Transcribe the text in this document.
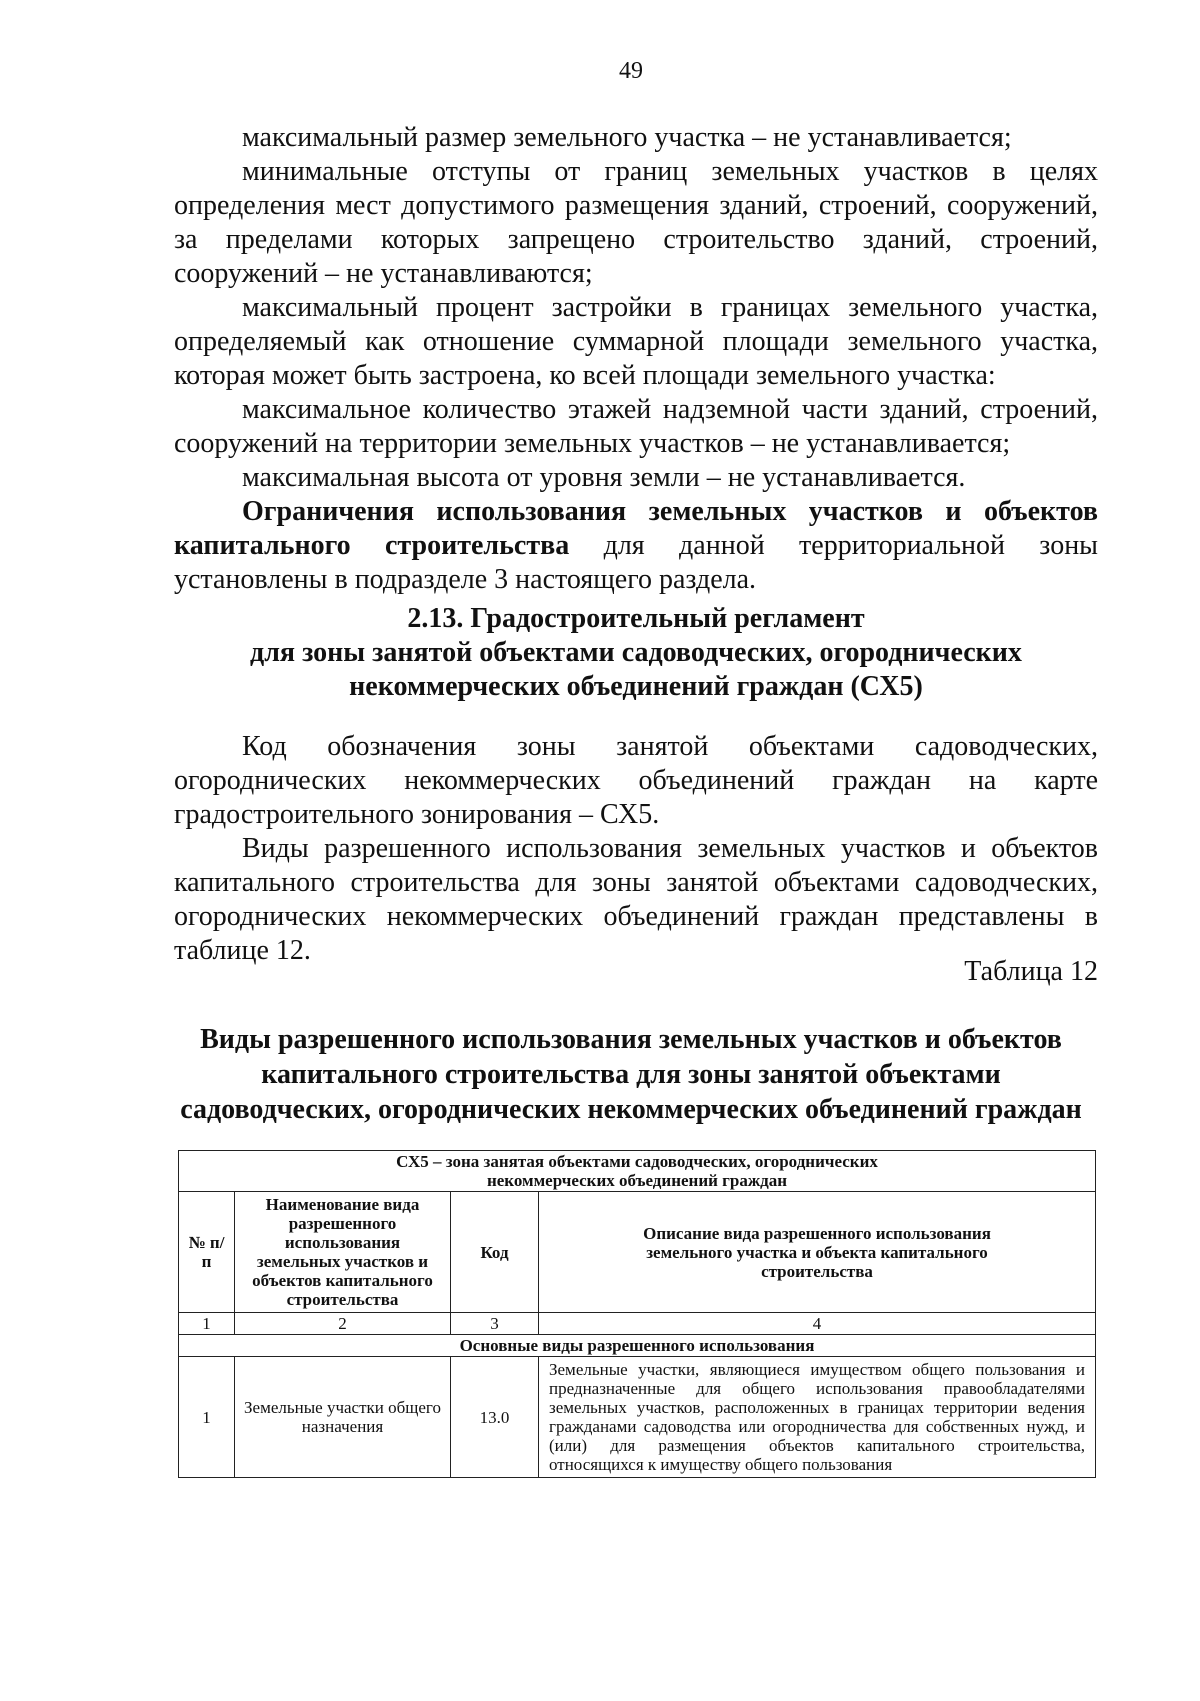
49

максимальный размер земельного участка – не устанавливается;

минимальные отступы от границ земельных участков в целях определения мест допустимого размещения зданий, строений, сооружений, за пределами которых запрещено строительство зданий, строений, сооружений – не устанавливаются;

максимальный процент застройки в границах земельного участка, определяемый как отношение суммарной площади земельного участка, которая может быть застроена, ко всей площади земельного участка:

максимальное количество этажей надземной части зданий, строений, сооружений на территории земельных участков – не устанавливается;

максимальная высота от уровня земли – не устанавливается.

Ограничения использования земельных участков и объектов капитального строительства для данной территориальной зоны установлены в подразделе 3 настоящего раздела.

2.13. Градостроительный регламент
для зоны занятой объектами садоводческих, огороднических
некоммерческих объединений граждан (СХ5)

Код обозначения зоны занятой объектами садоводческих, огороднических некоммерческих объединений граждан на карте градостроительного зонирования – СХ5.

Виды разрешенного использования земельных участков и объектов капитального строительства для зоны занятой объектами садоводческих, огороднических некоммерческих объединений граждан представлены в таблице 12.

Таблица 12
Виды разрешенного использования земельных участков и объектов
капитального строительства для зоны занятой объектами
садоводческих, огороднических некоммерческих объединений граждан
СХ5 – зона занятая объектами садоводческих, огороднических
некоммерческих объединений граждан			

№ п/п	Наименование вида разрешенного использования земельных участков и объектов капитального строительства	Код	Описание вида разрешенного использования земельного участка и объекта капитального строительства
1	2	3	4
Основные виды разрешенного использования			
1	Земельные участки общего назначения	13.0	Земельные участки, являющиеся имуществом общего пользования и предназначенные для общего использования правообладателями земельных участков, расположенных в границах территории ведения гражданами садоводства или огородничества для собственных нужд, и (или) для размещения объектов капитального строительства, относящихся к имуществу общего пользования
